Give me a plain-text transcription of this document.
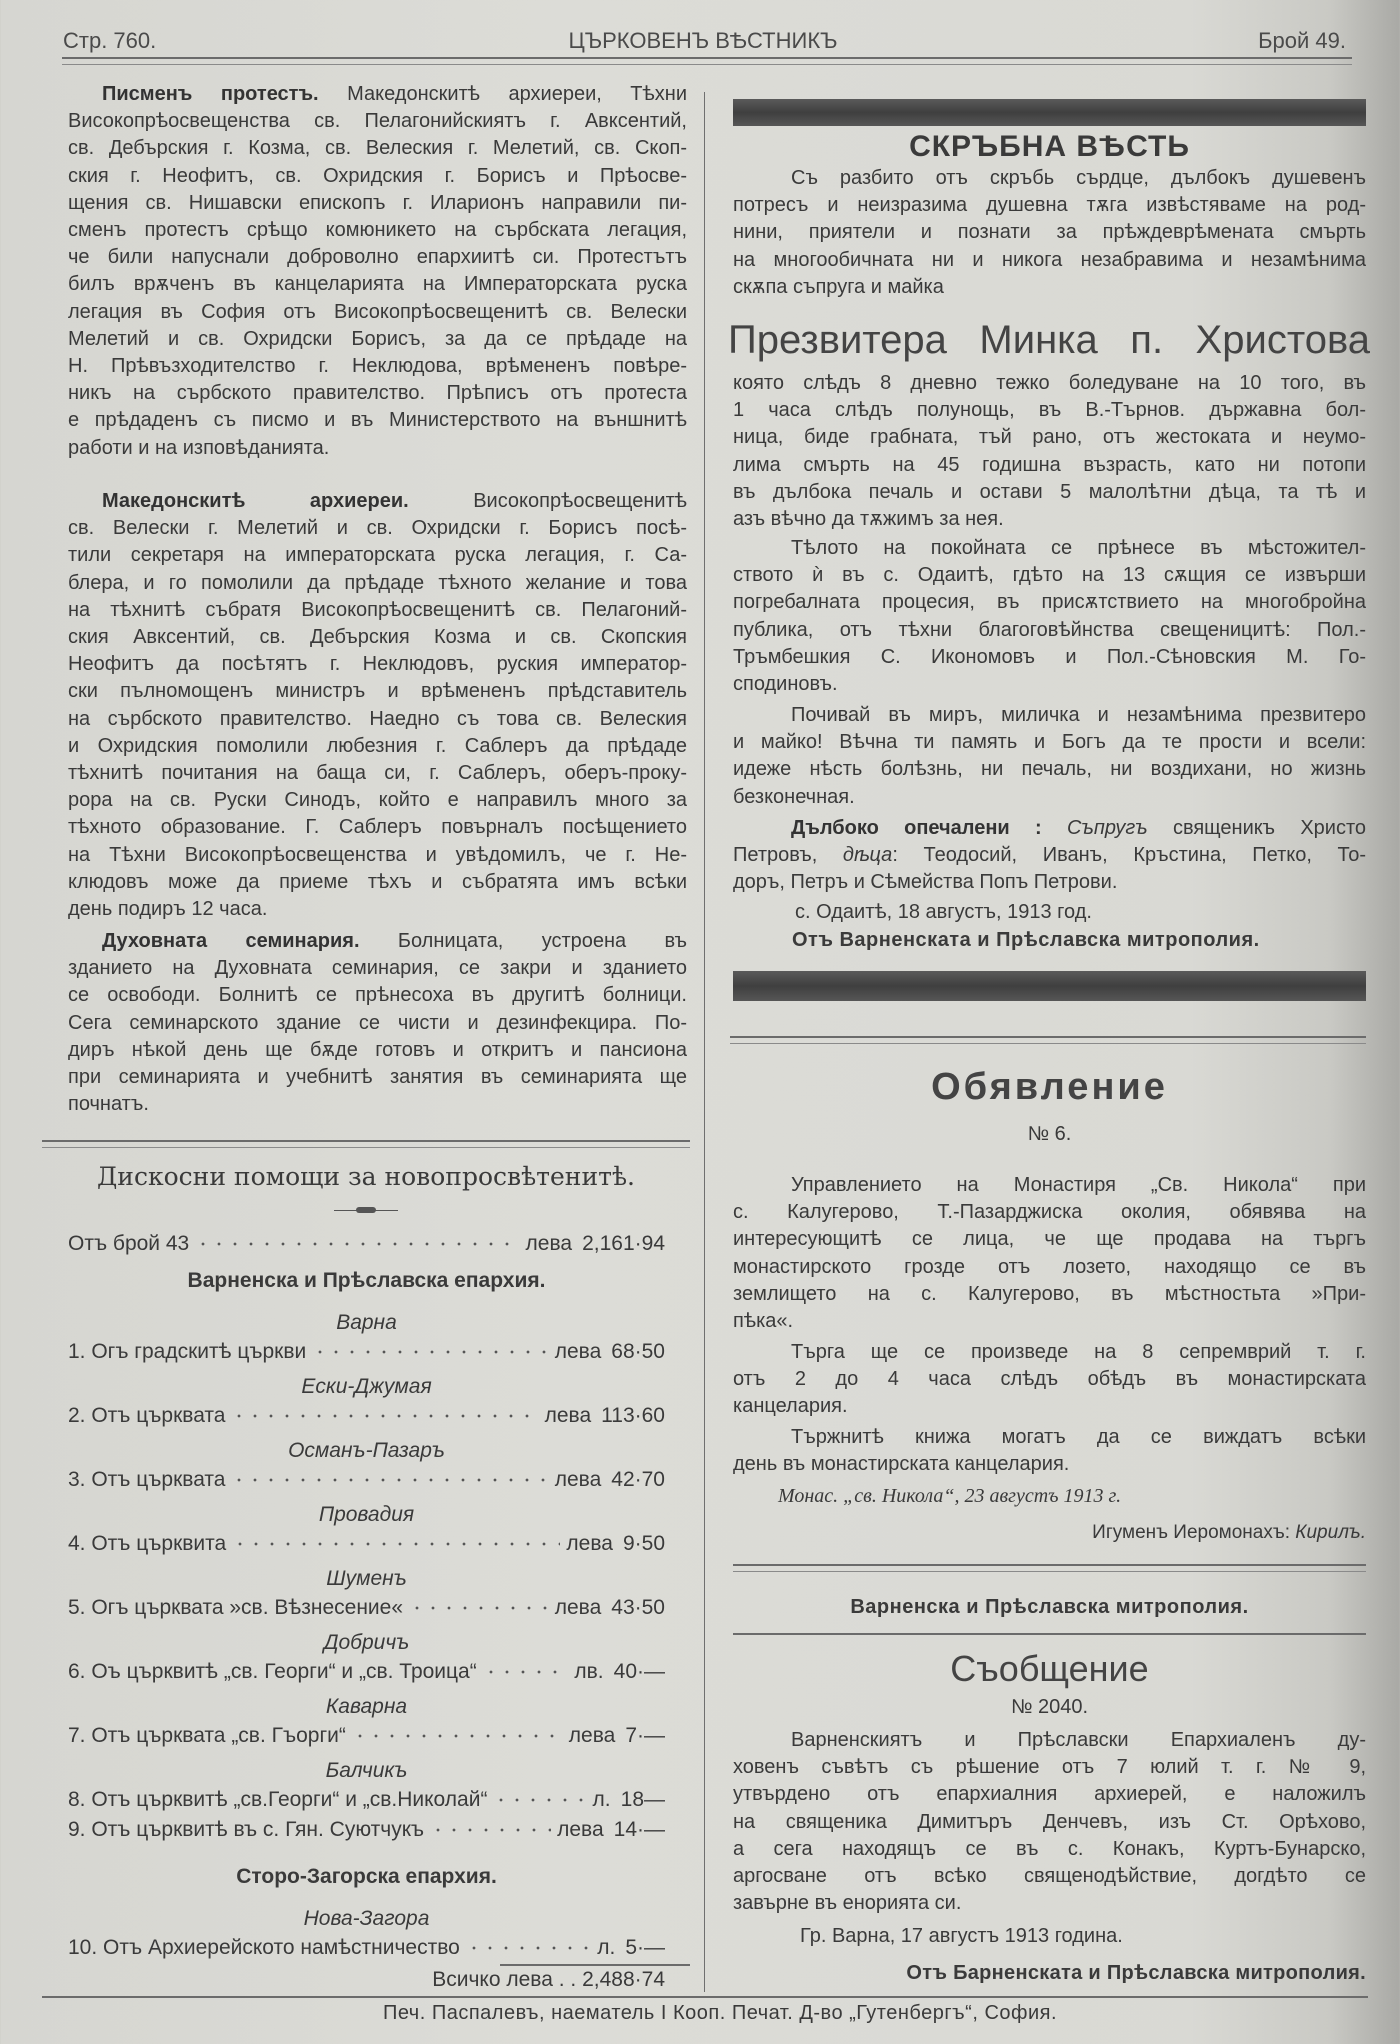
Стр. 760.	ЦЪРКОВЕНЪ ВѢСТНИКЪ	Брой 49.
Писменъ протестъ. Македонскитѣ архиереи, Тѣхни
Високопрѣосвещенства св. Пелагонийскиятъ г. Авксентий,
св. Дебърския г. Козма, св. Велеския г. Мелетий, св. Скоп-
ския г. Неофитъ, св. Охридския г. Борисъ и Прѣосве-
щения св. Нишавски епископъ г. Иларионъ направили пи-
сменъ протестъ срѣщо комюникето на сърбската легация,
че били напуснали доброволно епархиитѣ си. Протестътъ
билъ врѫченъ въ канцеларията на Императорската руска
легация въ София отъ Високопрѣосвещенитѣ св. Велески
Мелетий и св. Охридски Борисъ, за да се прѣдаде на
Н. Прѣвъзходителство г. Неклюдова, врѣмененъ повѣре-
никъ на сърбското правителство. Прѣписъ отъ протеста
е прѣдаденъ съ писмо и въ Министерството на външнитѣ
работи и на изповѣданията.
Македонскитѣ архиереи. Високопрѣосвещенитѣ
св. Велески г. Мелетий и св. Охридски г. Борисъ посѣ-
тили секретаря на императорската руска легация, г. Са-
блера, и го помолили да прѣдаде тѣхното желание и това
на тѣхнитѣ събратя Високопрѣосвещенитѣ св. Пелагоний-
ския Авксентий, св. Дебърския Козма и св. Скопския
Неофитъ да посѣтятъ г. Неклюдовъ, руския император-
ски пълномощенъ министръ и врѣмененъ прѣдставитель
на сърбското правителство. Наедно съ това св. Велеския
и Охридския помолили любезния г. Саблеръ да прѣдаде
тѣхнитѣ почитания на баща си, г. Саблеръ, оберъ-проку-
рора на св. Руски Синодъ, който е направилъ много за
тѣхното образование. Г. Саблеръ повърналъ посѣщението
на Тѣхни Високопрѣосвещенства и увѣдомилъ, че г. Не-
клюдовъ може да приеме тѣхъ и събратята имъ всѣки
день подиръ 12 часа.
Духовната семинария. Болницата, устроена въ
зданието на Духовната семинария, се закри и зданието
се освободи. Болнитѣ се прѣнесоха въ другитѣ болници.
Сега семинарското здание се чисти и дезинфекцира. По-
диръ нѣкой день ще бѫде готовъ и откритъ и пансиона
при семинарията и учебнитѣ занятия въ семинарията ще
почнатъ.
Дискосни помощи за новопросвѣтенитѣ.
Отъ брой 43	лева 2,161·94
Варненска и Прѣславска епархия.
Варна
1. Огъ градскитѣ църкви	лева 68·50
Ески-Джумая
2. Отъ църквата	лева 113·60
Османъ-Пазаръ
3. Отъ църквата	лева 42·70
Провадия
4. Отъ църквита	лева 9·50
Шуменъ
5. Огъ църквата »св. Вѣзнесение«	лева 43·50
Добричъ
6. Оъ църквитѣ „св. Георги“ и „св. Троица“	лв. 40·—
Каварна
7. Отъ църквата „св. Гъорги“	лева 7·—
Балчикъ
8. Отъ църквитѣ „св.Георги“ и „св.Николай“	л. 18—
9. Отъ църквитѣ въ с. Гян. Суютчукъ	лева 14·—
Сторо-Загорска епархия.
Нова-Загора
10. Отъ Архиерейското намѣстничество	л. 5·—
Всичко лева . . 2,488·74
СКРЪБНА ВѢСТЬ
Съ разбито отъ скръбь сърдце, дълбокъ душевенъ
потресъ и неизразима душевна тѫга извѣстяваме на род-
нини, приятели и познати за прѣждеврѣмената смърть
на многообичната ни и никога незабравима и незамѣнима
скѫпа съпруга и майка
Презвитера Минка п. Христова
която слѣдъ 8 дневно тежко боледуване на 10 того, въ
1 часа слѣдъ полунощь, въ В.-Търнов. държавна бол-
ница, биде грабната, тъй рано, отъ жестоката и неумо-
лима смърть на 45 годишна възрасть, като ни потопи
въ дълбока печаль и остави 5 малолѣтни дѣца, та тѣ и
азъ вѣчно да тѫжимъ за нея.
Тѣлото на покойната се прѣнесе въ мѣстожител-
ството ѝ въ с. Одаитѣ, гдѣто на 13 сѫщия се извърши
погребалната процесия, въ присѫтствието на многобройна
публика, отъ тѣхни благоговѣйнства свещеницитѣ: Пол.-
Тръмбешкия С. Икономовъ и Пол.-Сѣновския М. Го-
сподиновъ.
Почивай въ миръ, миличка и незамѣнима презвитеро
и майко! Вѣчна ти память и Богъ да те прости и всели:
идеже нѣсть болѣзнь, ни печаль, ни воздихани, но жизнь
безконечная.
Дълбоко опечалени : Съпругъ священикъ Христо
Петровъ, дѣца: Теодосий, Иванъ, Кръстина, Петко, То-
доръ, Петръ и Сѣмейства Попъ Петрови.
с. Одаитѣ, 18 августъ, 1913 год.
Отъ Варненската и Прѣславска митрополия.
Обявление
№ 6.
Управлението на Монастиря „Св. Никола“ при
с. Калугерово, Т.-Пазарджиска околия, обявява на
интересующитѣ се лица, че ще продава на търгъ
монастирското грозде отъ лозето, находящо се въ
землището на с. Калугерово, въ мѣстностьта »При-
пѣка«.
Търга ще се произведе на 8 сепремврий т. г.
отъ 2 до 4 часа слѣдъ обѣдъ въ монастирската
канцелария.
Тържнитѣ книжа могатъ да се виждатъ всѣки
день въ монастирската канцелария.
Монас. „св. Никола“, 23 августъ 1913 г.
Игуменъ Иеромонахъ: Кирилъ.
Варненска и Прѣславска митрополия.
Съобщение
№ 2040.
Варненскиятъ и Прѣславски Епархиаленъ ду-
ховенъ съвѣтъ съ рѣшение отъ 7 юлий т. г. № 9,
утвърдено отъ епархиалния архиерей, е наложилъ
на священика Димитъръ Денчевъ, изъ Ст. Орѣхово,
а сега находящъ се въ с. Конакъ, Куртъ-Бунарско,
аргосване отъ всѣко священодѣйствие, догдѣто се
завърне въ енорията си.
Гр. Варна, 17 августъ 1913 година.
Отъ Барненската и Прѣславска митрополия.
Печ. Паспалевъ, наематель I Кооп. Печат. Д-во „Гутенбергъ“, София.
